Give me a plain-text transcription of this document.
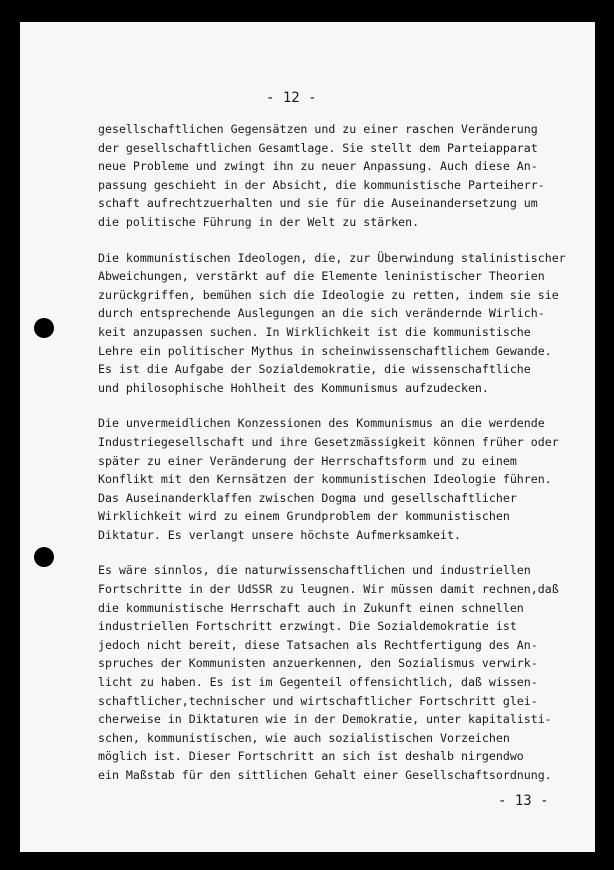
- 12 -
gesellschaftlichen Gegensätzen und zu einer raschen Veränderung
der gesellschaftlichen Gesamtlage. Sie stellt dem Parteiapparat
neue Probleme und zwingt ihn zu neuer Anpassung. Auch diese An-
passung geschieht in der Absicht, die kommunistische Parteiherr-
schaft aufrechtzuerhalten und sie für die Auseinandersetzung um
die politische Führung in der Welt zu stärken.
Die kommunistischen Ideologen, die, zur Überwindung stalinistischer
Abweichungen, verstärkt auf die Elemente leninistischer Theorien
zurückgriffen, bemühen sich die Ideologie zu retten, indem sie sie
durch entsprechende Auslegungen an die sich verändernde Wirlich-
keit anzupassen suchen. In Wirklichkeit ist die kommunistische
Lehre ein politischer Mythus in scheinwissenschaftlichem Gewande.
Es ist die Aufgabe der Sozialdemokratie, die wissenschaftliche
und philosophische Hohlheit des Kommunismus aufzudecken.
Die unvermeidlichen Konzessionen des Kommunismus an die werdende
Industriegesellschaft und ihre Gesetzmässigkeit können früher oder
später zu einer Veränderung der Herrschaftsform und zu einem
Konflikt mit den Kernsätzen der kommunistischen Ideologie führen.
Das Auseinanderklaffen zwischen Dogma und gesellschaftlicher
Wirklichkeit wird zu einem Grundproblem der kommunistischen
Diktatur. Es verlangt unsere höchste Aufmerksamkeit.
Es wäre sinnlos, die naturwissenschaftlichen und industriellen
Fortschritte in der UdSSR zu leugnen. Wir müssen damit rechnen,daß
die kommunistische Herrschaft auch in Zukunft einen schnellen
industriellen Fortschritt erzwingt. Die Sozialdemokratie ist
jedoch nicht bereit, diese Tatsachen als Rechtfertigung des An-
spruches der Kommunisten anzuerkennen, den Sozialismus verwirk-
licht zu haben. Es ist im Gegenteil offensichtlich, daß wissen-
schaftlicher,technischer und wirtschaftlicher Fortschritt glei-
cherweise in Diktaturen wie in der Demokratie, unter kapitalisti-
schen, kommunistischen, wie auch sozialistischen Vorzeichen
möglich ist. Dieser Fortschritt an sich ist deshalb nirgendwo
ein Maßstab für den sittlichen Gehalt einer Gesellschaftsordnung.
- 13 -
